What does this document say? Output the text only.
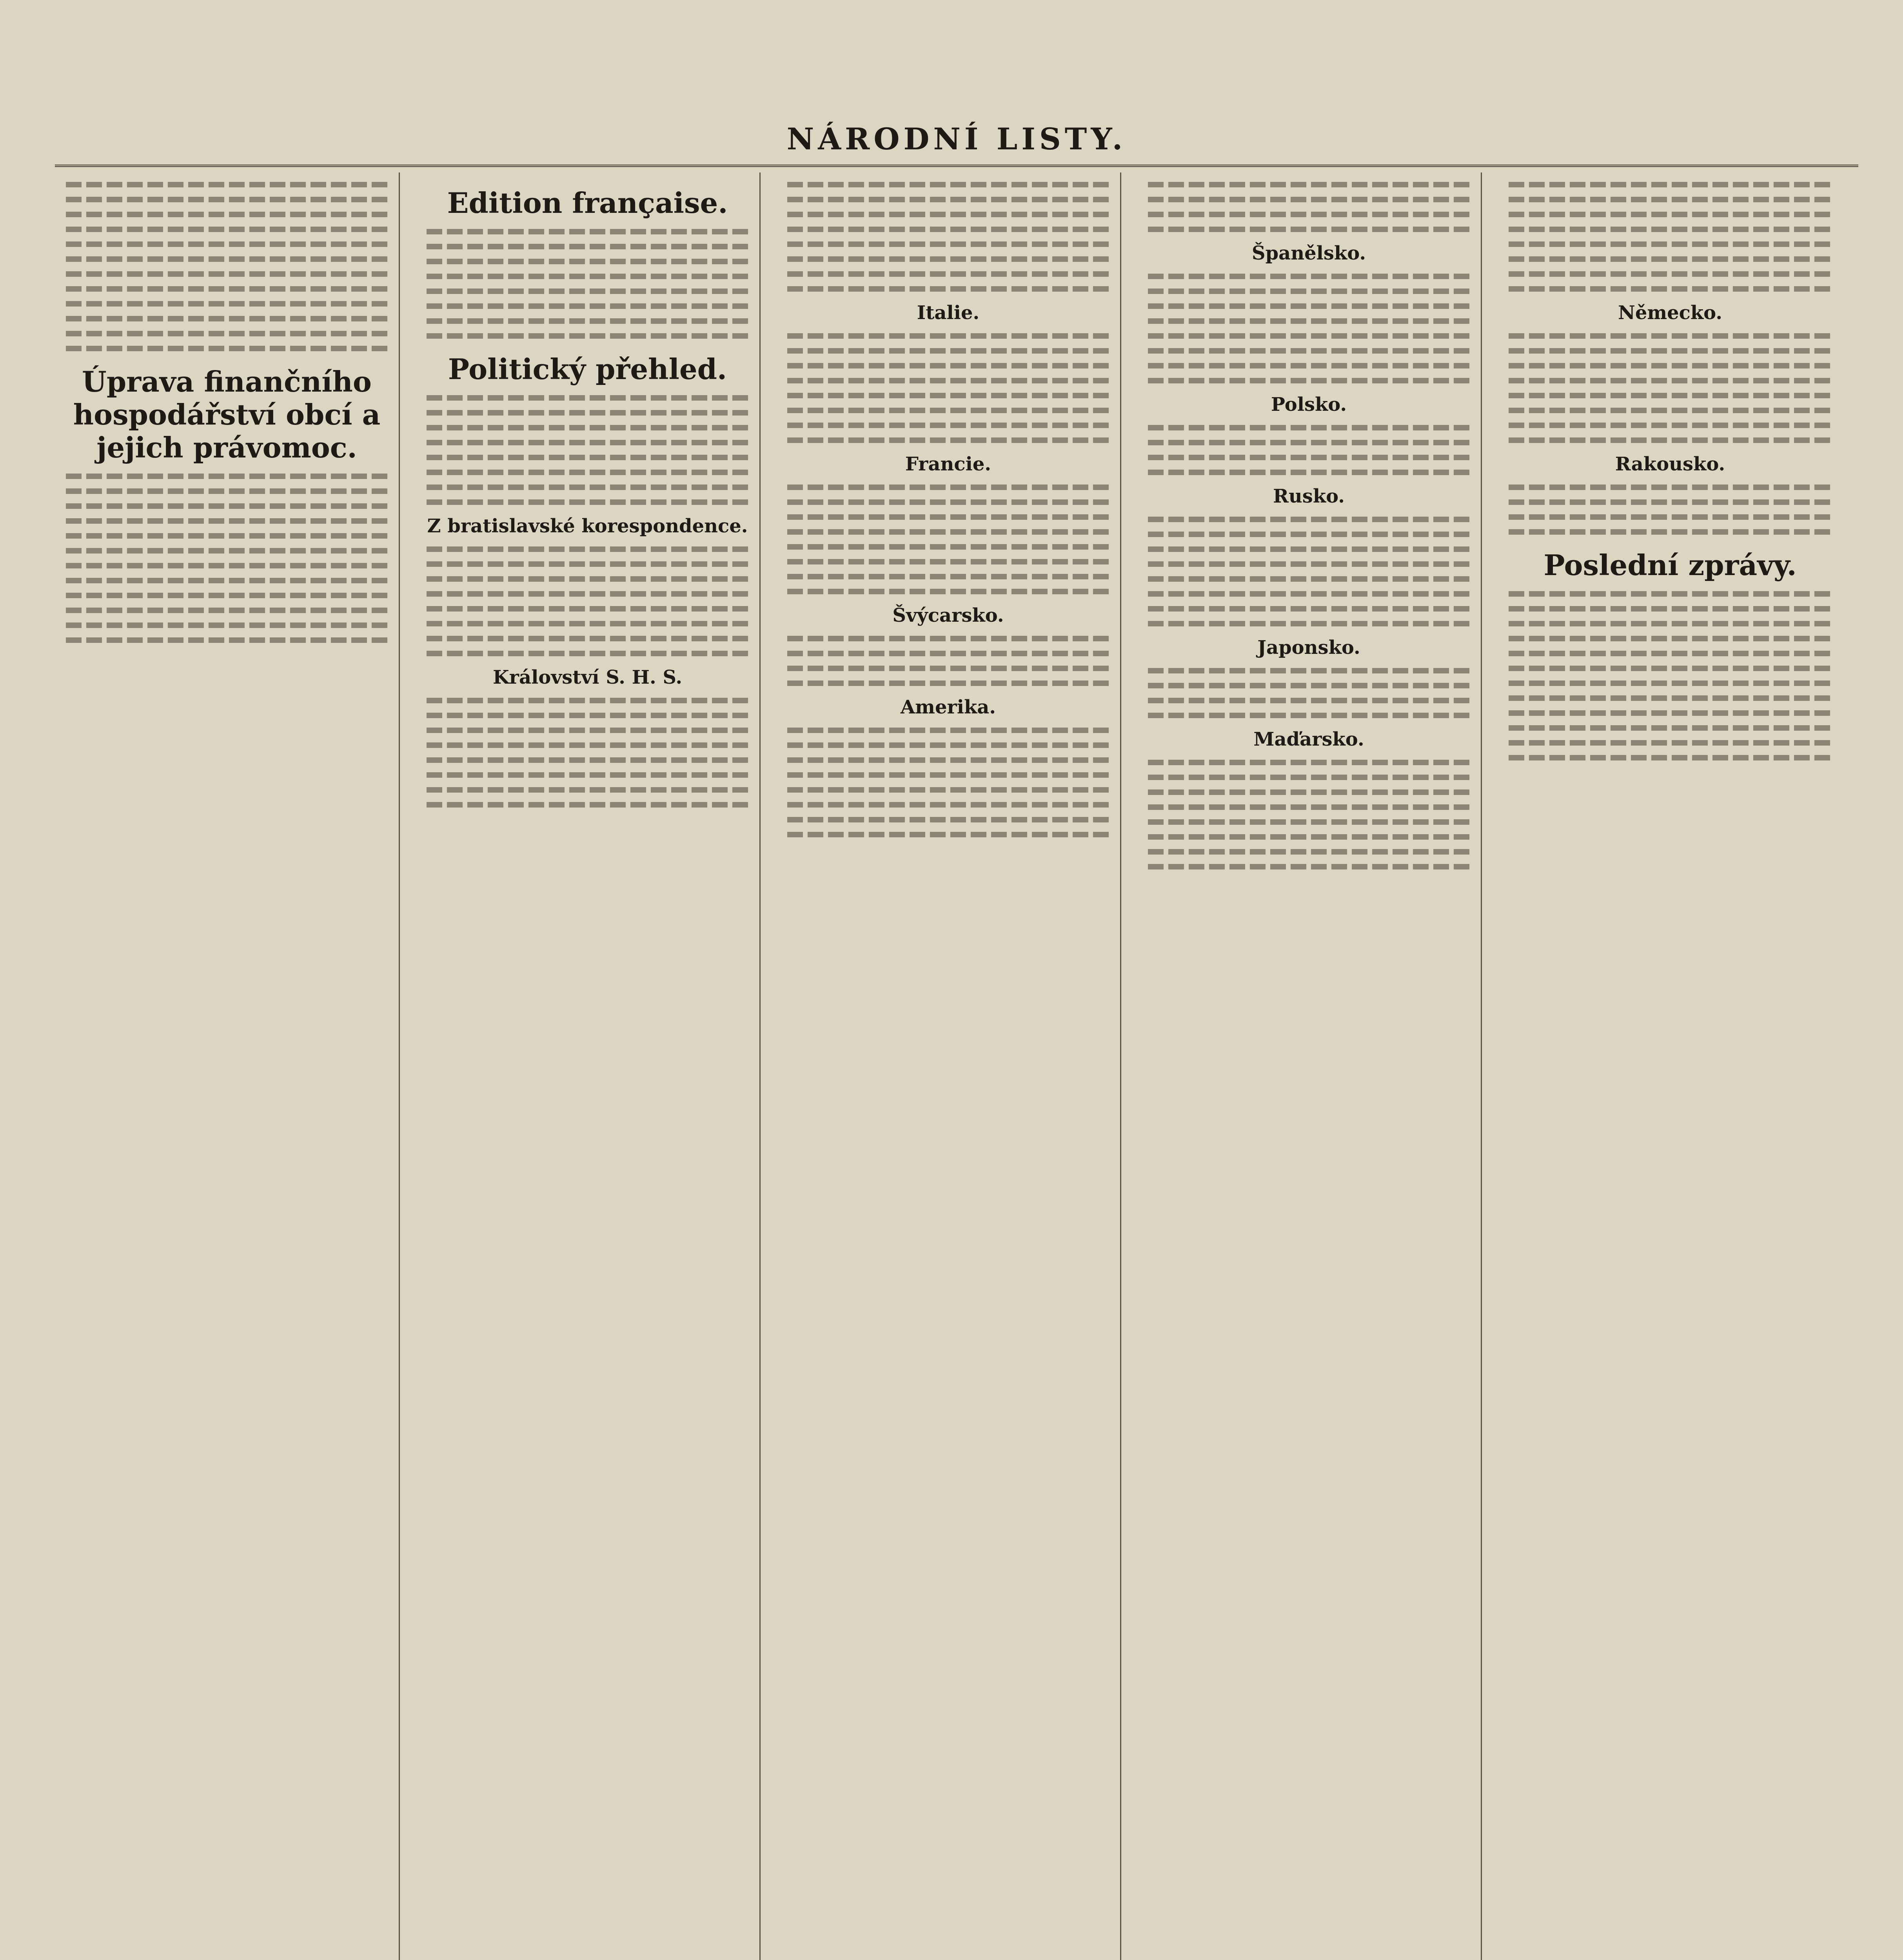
NÁRODNÍ LISTY.
Úprava finančního hospodářství obcí a jejich právomoc.
Edition française.
Politický přehled.
Z bratislavské korespondence.
Království S. H. S.
Italie.
Francie.
Švýcarsko.
Amerika.
Španělsko.
Polsko.
Rusko.
Japonsko.
Maďarsko.
Německo.
Rakousko.
Poslední zprávy.
